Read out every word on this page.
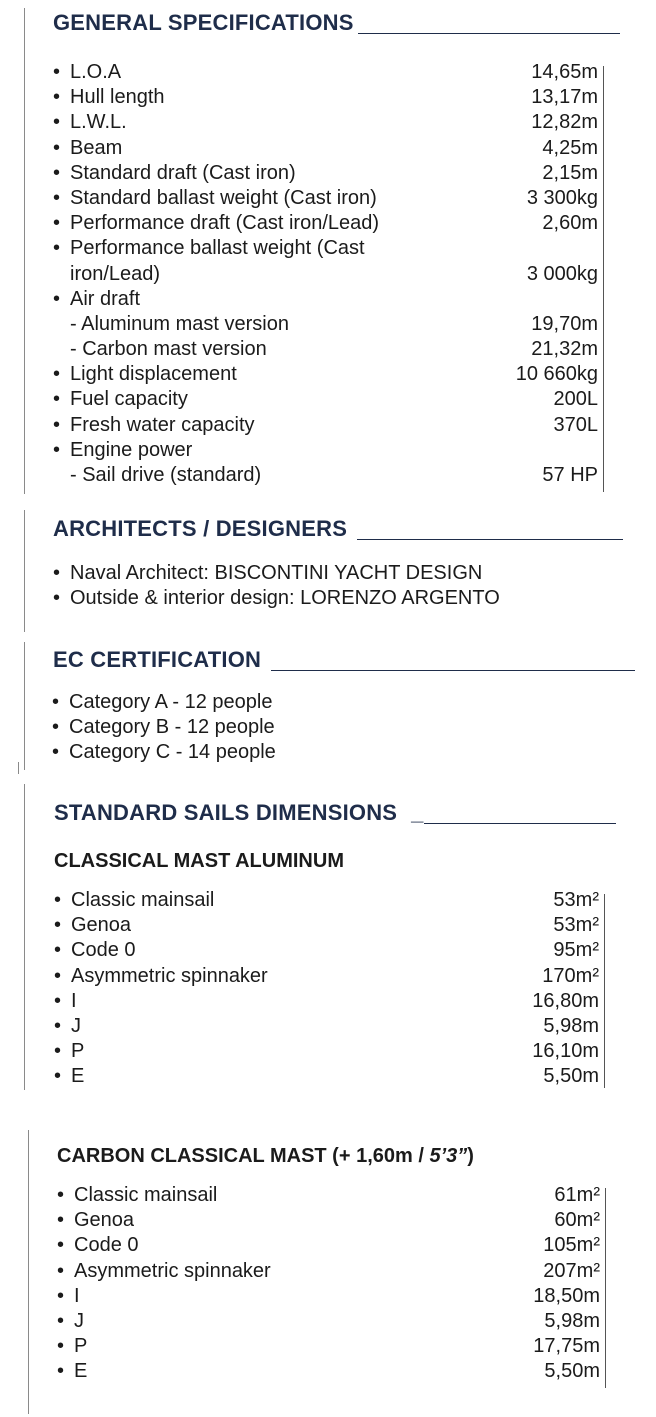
GENERAL SPECIFICATIONS
• L.O.A	14,65m
• Hull length	13,17m
• L.W.L.	12,82m
• Beam	4,25m
• Standard draft (Cast iron)	2,15m
• Standard ballast weight (Cast iron)	3 300kg
• Performance draft (Cast iron/Lead)	2,60m
• Performance ballast weight (Cast
iron/Lead)	3 000kg
• Air draft
- Aluminum mast version	19,70m
- Carbon mast version	21,32m
• Light displacement	10 660kg
• Fuel capacity	200L
• Fresh water capacity	370L
• Engine power
- Sail drive (standard)	57 HP
ARCHITECTS / DESIGNERS
• Naval Architect: BISCONTINI YACHT DESIGN
• Outside & interior design: LORENZO ARGENTO
EC CERTIFICATION
• Category A - 12 people
• Category B - 12 people
• Category C - 14 people
STANDARD SAILS DIMENSIONS _
CLASSICAL MAST ALUMINUM
• Classic mainsail	53m²
• Genoa	53m²
• Code 0	95m²
• Asymmetric spinnaker	170m²
• I	16,80m
• J	5,98m
• P	16,10m
• E	5,50m
CARBON CLASSICAL MAST (+ 1,60m / 5’3”)
• Classic mainsail	61m²
• Genoa	60m²
• Code 0	105m²
• Asymmetric spinnaker	207m²
• I	18,50m
• J	5,98m
• P	17,75m
• E	5,50m
